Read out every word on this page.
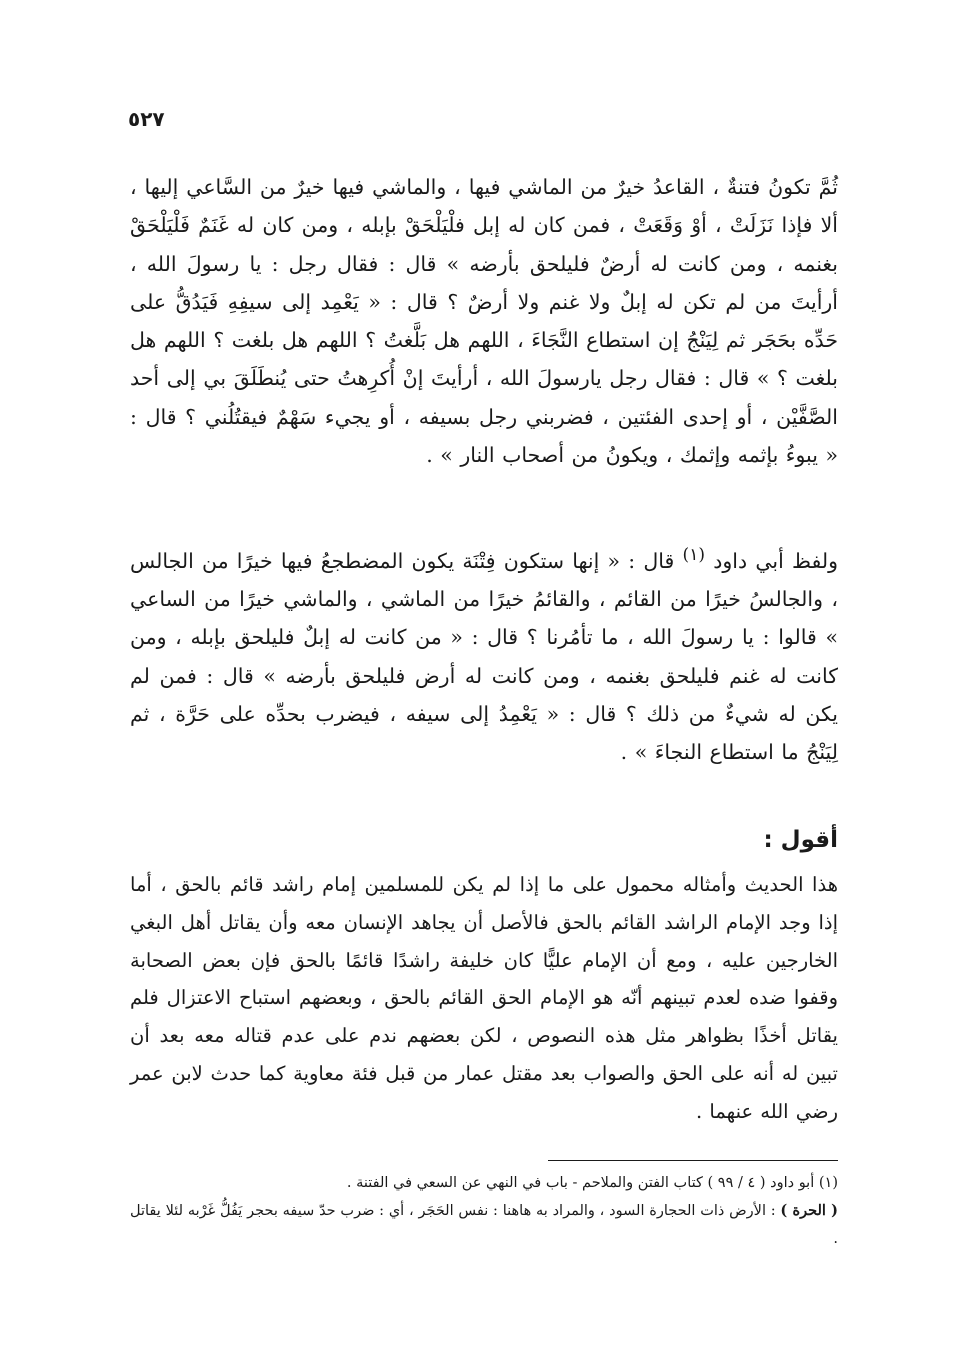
٥٢٧

ثُمَّ تكونُ فتنةٌ ، القاعدُ خيرٌ من الماشي فيها ، والماشي فيها خيرٌ من السَّاعي إليها ، ألا فإذا نَزَلَتْ ، أوْ وَقَعَتْ ، فمن كان له إبل فلْيَلْحَقْ بإبله ، ومن كان له غَنَمٌ فَلْيَلْحَقْ بغنمه ، ومن كانت له أرضٌ فليلحق بأرضه » قال : فقال رجل : يا رسولَ الله ، أرأيتَ من لم تكن له إبلٌ ولا غنم ولا أرضٌ ؟ قال : « يَعْمِد إلى سيفِهِ فَيَدُقُّ على حَدِّه بحَجَر ثم لِيَنْجُ إن استطاع النَّجَاءَ ، اللهم هل بَلَّغتُ ؟ اللهم هل بلغت ؟ اللهم هل بلغت ؟ » قال : فقال رجل يارسولَ الله ، أرأيتَ إنْ أُكرِهتُ حتى يُنطَلَقَ بي إلى أحد الصَّفَّيْن ، أو إحدى الفئتين ، فضربني رجل بسيفه ، أو يجيء سَهْمٌ فيقتُلُني ؟ قال : « يبوءُ بإثمه وإثمك ، ويكونُ من أصحاب النار » .

ولفظ أبي داود $^{(١)}$ قال : « إنها ستكون فِتْنَة يكون المضطجعُ فيها خيرًا من الجالس ، والجالسُ خيرًا من القائم ، والقائمُ خيرًا من الماشي ، والماشي خيرًا من الساعي » قالوا : يا رسولَ الله ، ما تأمُرنا ؟ قال : « من كانت له إبلٌ فليلحق بإبله ، ومن كانت له غنم فليلحق بغنمه ، ومن كانت له أرض فليلحق بأرضه » قال : فمن لم يكن له شيءٌ من ذلك ؟ قال : « يَعْمِدُ إلى سيفه ، فيضرب بحدِّه على حَرَّة ، ثم لِيَنْجُ ما استطاع النجاءَ » .

أقول :

هذا الحديث وأمثاله محمول على ما إذا لم يكن للمسلمين إمام راشد قائم بالحق ، أما إذا وجد الإمام الراشد القائم بالحق فالأصل أن يجاهد الإنسان معه وأن يقاتل أهل البغي الخارجين عليه ، ومع أن الإمام عليًّا كان خليفة راشدًا قائمًا بالحق فإن بعض الصحابة وقفوا ضده لعدم تبينهم أنّه هو الإمام الحق القائم بالحق ، وبعضهم استباح الاعتزال فلم يقاتل أخذًا بظواهر مثل هذه النصوص ، لكن بعضهم ندم على عدم قتاله معه بعد أن تبين له أنه على الحق والصواب بعد مقتل عمار من قبل فئة معاوية كما حدث لابن عمر رضي الله عنهما .

(١) أبو داود ( ٤ / ٩٩ ) كتاب الفتن والملاحم - باب في النهي عن السعي في الفتنة .
( الحرة ) : الأرض ذات الحجارة السود ، والمراد به هاهنا : نفس الحَجَر ، أي : ضرب حدّ سيفه بحجر يَفُلُّ غَرْبه لئلا يقاتل .
